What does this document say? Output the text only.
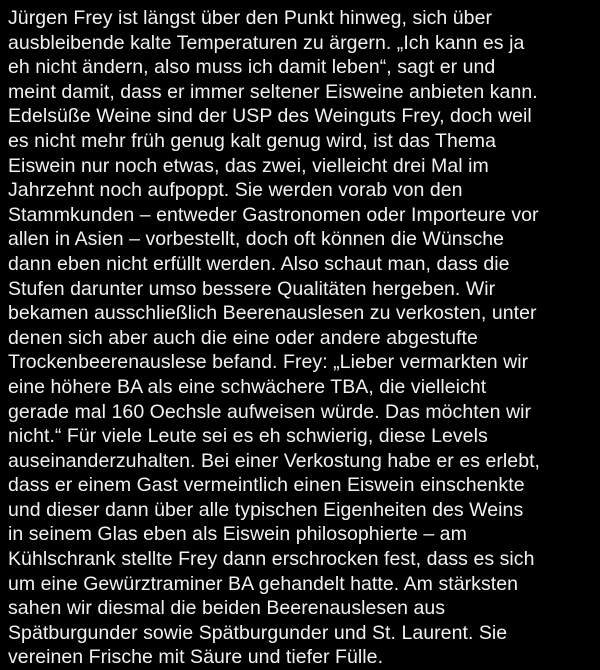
Jürgen Frey ist längst über den Punkt hinweg, sich über
ausbleibende kalte Temperaturen zu ärgern. „Ich kann es ja
eh nicht ändern, also muss ich damit leben“, sagt er und
meint damit, dass er immer seltener Eisweine anbieten kann.
Edelsüße Weine sind der USP des Weinguts Frey, doch weil
es nicht mehr früh genug kalt genug wird, ist das Thema
Eiswein nur noch etwas, das zwei, vielleicht drei Mal im
Jahrzehnt noch aufpoppt. Sie werden vorab von den
Stammkunden – entweder Gastronomen oder Importeure vor
allen in Asien – vorbestellt, doch oft können die Wünsche
dann eben nicht erfüllt werden. Also schaut man, dass die
Stufen darunter umso bessere Qualitäten hergeben. Wir
bekamen ausschließlich Beerenauslesen zu verkosten, unter
denen sich aber auch die eine oder andere abgestufte
Trockenbeerenauslese befand. Frey: „Lieber vermarkten wir
eine höhere BA als eine schwächere TBA, die vielleicht
gerade mal 160 Oechsle aufweisen würde. Das möchten wir
nicht.“ Für viele Leute sei es eh schwierig, diese Levels
auseinanderzuhalten. Bei einer Verkostung habe er es erlebt,
dass er einem Gast vermeintlich einen Eiswein einschenkte
und dieser dann über alle typischen Eigenheiten des Weins
in seinem Glas eben als Eiswein philosophierte – am
Kühlschrank stellte Frey dann erschrocken fest, dass es sich
um eine Gewürztraminer BA gehandelt hatte. Am stärksten
sahen wir diesmal die beiden Beerenauslesen aus
Spätburgunder sowie Spätburgunder und St. Laurent. Sie
vereinen Frische mit Säure und tiefer Fülle.
